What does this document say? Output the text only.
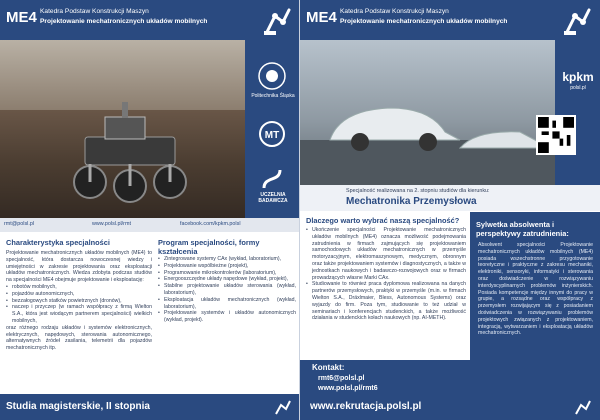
ME4 Katedra Podstaw Konstrukcji Maszyn
Projektowanie mechatronicznych układów mobilnych
Politechnika Śląska
MT
UCZELNIA BADAWCZA
rmt@polsl.pl	www.polsl.pl/rmt	facebook.com/kpkm.polsl
Charakterystyka specjalności

Projektowanie mechatronicznych układów mobilnych (ME4) to specjalność, która dostarcza nowoczesnej wiedzy i umiejętności w zakresie projektowania oraz eksploatacji układów mechatronicznych. Wiedza zdobyta podczas studiów na specjalności ME4 obejmuje projektowanie i eksploatację:

• robotów mobilnych,
• pojazdów autonomicznych,
• bezzałogowych statków powietrznych (dronów),
• naczep i przyczep (w ramach współpracy z firmą Wielton S.A., która jest wiodącym partnerem specjalności) wielkich mobilnych,

oraz różnego rodzaju układów i systemów elektronicznych, elektrycznych, napędowych, sterowania autonomicznego, alternatywnych źródeł zasilania, telemetrii dla pojazdów mechatronicznych itp.

Program specjalności, formy kształcenia
• Zintegrowane systemy CAx (wykład, laboratorium),
• Projektowanie wspólbieżne (projekt),
• Programowanie mikrokontrolerów (laboratorium),
• Energooszczędne układy napędowe (wykład, projekt),
• Stabilne projektowanie układów sterowania (wykład, laboratorium),
• Eksploatacja układów mechatronicznych (wykład, laboratorium),
• Projektowanie systemów i układów autonomicznych (wykład, projekt).
Studia magisterskie, II stopnia
ME4 Katedra Podstaw Konstrukcji Maszyn
Projektowanie mechatronicznych układów mobilnych
kpkm
polsl.pl
Specjalność realizowana na 2. stopniu studiów dla kierunku:
Mechatronika Przemysłowa
Dlaczego warto wybrać naszą specjalność?
• Ukończenie specjalności Projektowanie mechatronicznych układów mobilnych (ME4) oznacza możliwość podejmowania zatrudnienia w firmach zajmujących się projektowaniem samochodowych układów mechatronicznych w przemyśle motoryzacyjnym, elektromaszynowym, medycznym, obronnym oraz także projektowaniem systemów i diagnostycznych, a także w jednostkach naukowych i badawczo-rozwojowych oraz w firmach prowadzących własne Marki CAx.
• Studiowanie to również praca dyplomowa realizowana na danych partnerów przemysłowych, praktyki w przemyśle (m.in. w firmach Wielton S.A., Dräxlmaier, Bless, Autonomous Systems) oraz wyjazdy do firm. Poza tym, studiowanie to też udział w seminariach i konferencjach studenckich, a także możliwość działania w studenckich kołach naukowych (np. AI-METH).
Sylwetka absolwenta i perspektywy zatrudnienia:
Absolwent specjalności Projektowanie mechatronicznych układów mobilnych (ME4) posiada wszechstronne przygotowanie teoretyczne i praktyczne z zakresu mechaniki, elektroniki, sensoryki, informatyki i sterowania oraz doświadczenie w rozwiązywaniu interdyscyplinarnych problemów inżynierskich. Posiada kompetencje między innymi do pracy w grupie, a rozsądne oraz współpracy z przemysłem rozwijającym się z posiadaniem doświadczenia w rozwiązywaniu problemów projektowych związanych z projektowaniem, integracją, wytwarzaniem i eksploatacją układów mechatronicznych.
Kontakt:
rmt6@polsl.pl
www.polsl.pl/rmt6
www.rekrutacja.polsl.pl
